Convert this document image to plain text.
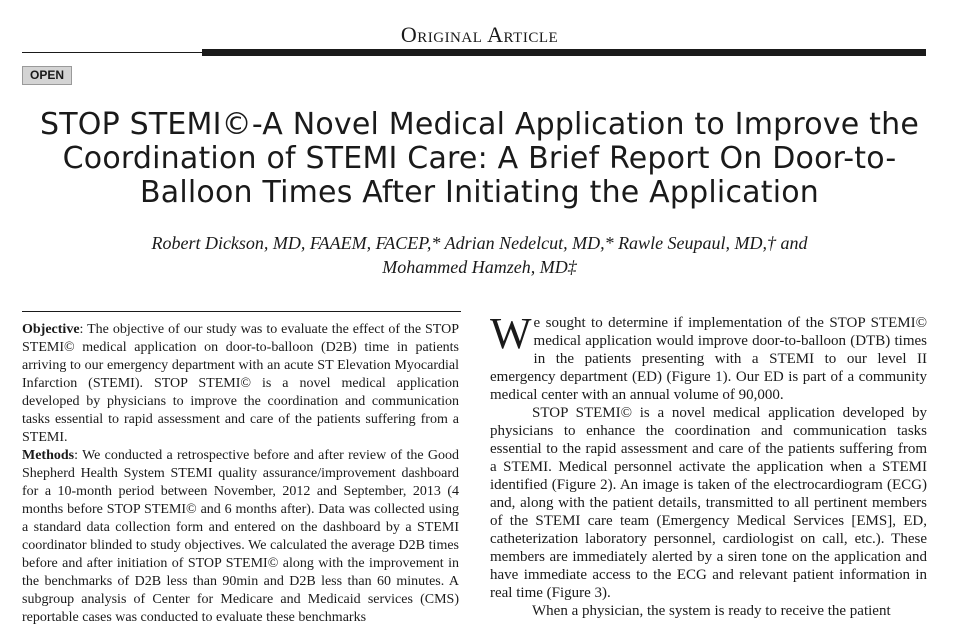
Original Article
OPEN
STOP STEMI©-A Novel Medical Application to Improve the Coordination of STEMI Care: A Brief Report On Door-to-Balloon Times After Initiating the Application
Robert Dickson, MD, FAAEM, FACEP,* Adrian Nedelcut, MD,* Rawle Seupaul, MD,† and
Mohammed Hamzeh, MD‡

Objective: The objective of our study was to evaluate the effect of the STOP STEMI© medical application on door-to-balloon (D2B) time in patients arriving to our emergency department with an acute ST Elevation Myocardial Infarction (STEMI). STOP STEMI© is a novel medical application developed by physicians to improve the coordination and communication tasks essential to rapid assessment and care of the patients suffering from a STEMI.

Methods: We conducted a retrospective before and after review of the Good Shepherd Health System STEMI quality assurance/improvement dashboard for a 10-month period between November, 2012 and September, 2013 (4 months before STOP STEMI© and 6 months after). Data was collected using a standard data collection form and entered on the dashboard by a STEMI coordinator blinded to study objectives. We calculated the average D2B times before and after initiation of STOP STEMI© along with the improvement in the benchmarks of D2B less than 90min and D2B less than 60 minutes. A subgroup analysis of Center for Medicare and Medicaid services (CMS) reportable cases was conducted to evaluate these benchmarks

We sought to determine if implementation of the STOP STEMI© medical application would improve door-to-balloon (DTB) times in the patients presenting with a STEMI to our level II emergency department (ED) (Figure 1). Our ED is part of a community medical center with an annual volume of 90,000.

STOP STEMI© is a novel medical application developed by physicians to enhance the coordination and communication tasks essential to the rapid assessment and care of the patients suffering from a STEMI. Medical personnel activate the application when a STEMI identified (Figure 2). An image is taken of the electrocardiogram (ECG) and, along with the patient details, transmitted to all pertinent members of the STEMI care team (Emergency Medical Services [EMS], ED, catheterization laboratory personnel, cardiologist on call, etc.). These members are immediately alerted by a siren tone on the application and have immediate access to the ECG and relevant patient information in real time (Figure 3).

When a physician, the system is ready to receive the patient
